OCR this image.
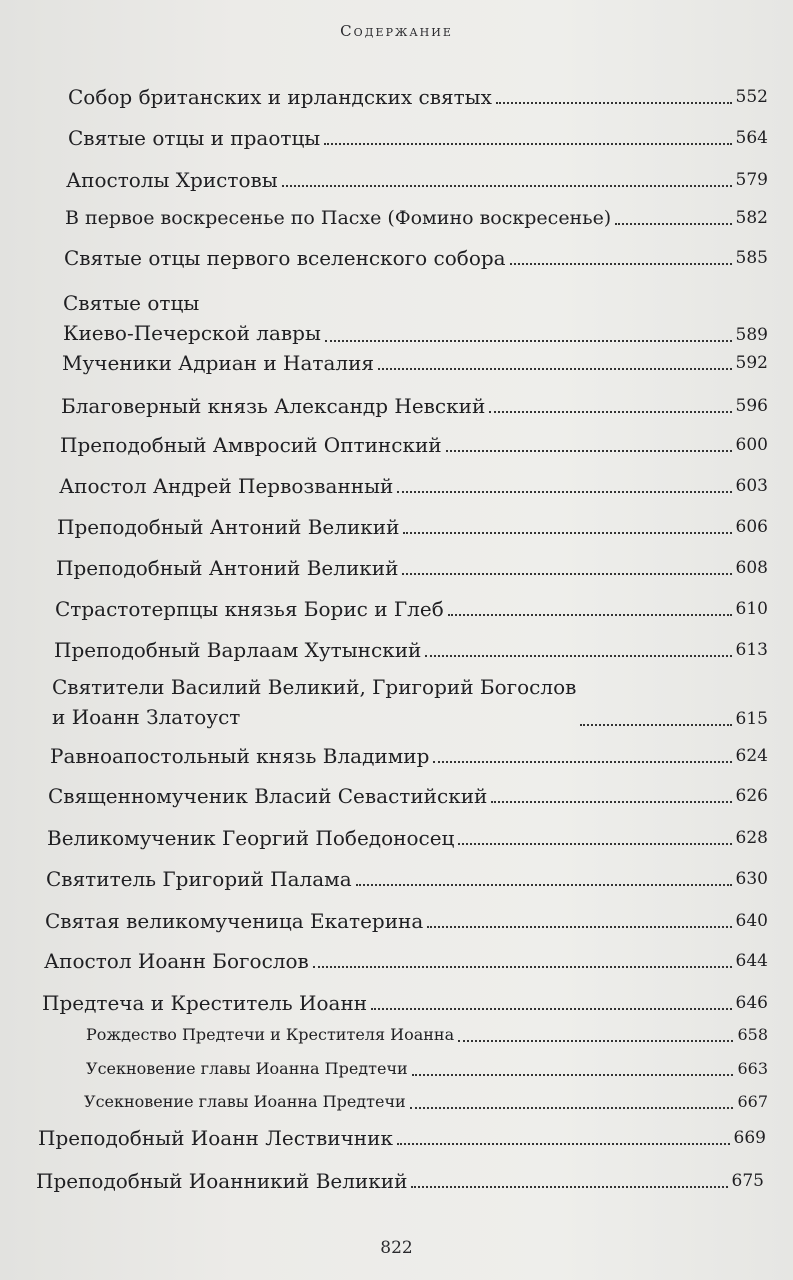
Содержание
Собор британских и ирландских святых	552
Святые отцы и праотцы	564
Апостолы Христовы	579
В первое воскресенье по Пасхе (Фомино воскресенье)	582
Святые отцы первого вселенского собора	585
Святые отцы
Киево-Печерской лавры	589
Мученики Адриан и Наталия	592
Благоверный князь Александр Невский	596
Преподобный Амвросий Оптинский	600
Апостол Андрей Первозванный	603
Преподобный Антоний Великий	606
Преподобный Антоний Великий	608
Страстотерпцы князья Борис и Глеб	610
Преподобный Варлаам Хутынский	613
Святители Василий Великий, Григорий Богослов
и Иоанн Златоуст	615
Равноапостольный князь Владимир	624
Священномученик Власий Севастийский	626
Великомученик Георгий Победоносец	628
Святитель Григорий Палама	630
Святая великомученица Екатерина	640
Апостол Иоанн Богослов	644
Предтеча и Креститель Иоанн	646
Рождество Предтечи и Крестителя Иоанна	658
Усекновение главы Иоанна Предтечи	663
Усекновение главы Иоанна Предтечи	667
Преподобный Иоанн Лествичник	669
Преподобный Иоанникий Великий	675
822
